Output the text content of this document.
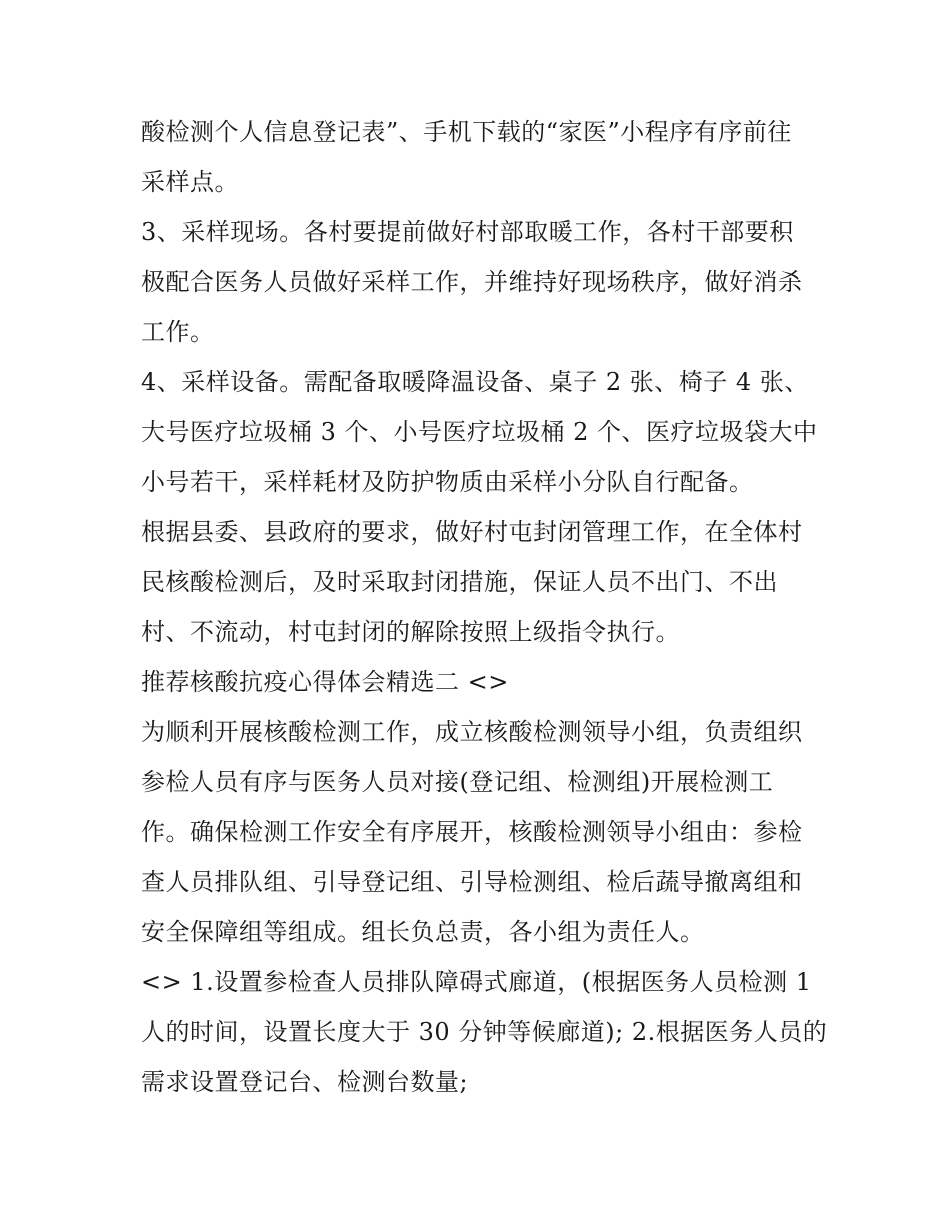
酸检测个人信息登记表”、手机下载的“家医”小程序有序前往
采样点。
3、采样现场。各村要提前做好村部取暖工作，各村干部要积
极配合医务人员做好采样工作，并维持好现场秩序，做好消杀
工作。
4、采样设备。需配备取暖降温设备、桌子 2 张、椅子 4 张、
大号医疗垃圾桶 3 个、小号医疗垃圾桶 2 个、医疗垃圾袋大中
小号若干，采样耗材及防护物质由采样小分队自行配备。
根据县委、县政府的要求，做好村屯封闭管理工作，在全体村
民核酸检测后，及时采取封闭措施，保证人员不出门、不出
村、不流动，村屯封闭的解除按照上级指令执行。
推荐核酸抗疫心得体会精选二 <>
为顺利开展核酸检测工作，成立核酸检测领导小组，负责组织
参检人员有序与医务人员对接(登记组、检测组)开展检测工
作。确保检测工作安全有序展开，核酸检测领导小组由：参检
查人员排队组、引导登记组、引导检测组、检后蔬导撤离组和
安全保障组等组成。组长负总责，各小组为责任人。
<> 1.设置参检查人员排队障碍式廊道，(根据医务人员检测 1
人的时间，设置长度大于 30 分钟等候廊道); 2.根据医务人员的
需求设置登记台、检测台数量;
